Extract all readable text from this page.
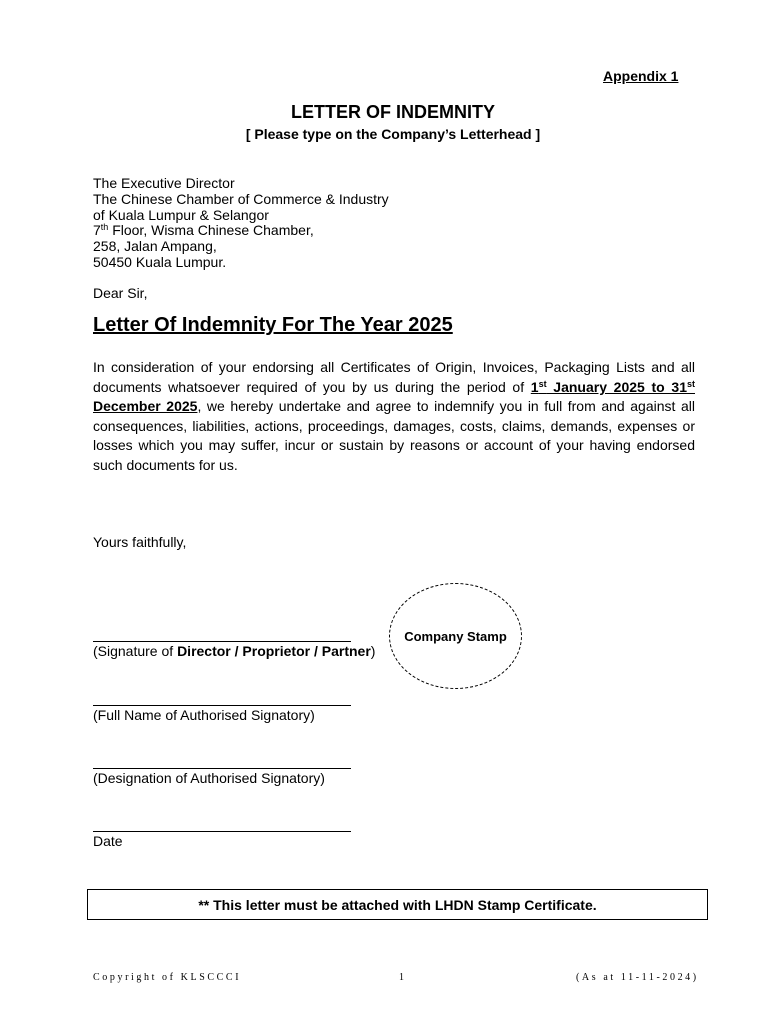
Appendix 1
LETTER OF INDEMNITY
[ Please type on the Company’s Letterhead ]
The Executive Director
The Chinese Chamber of Commerce & Industry
of Kuala Lumpur & Selangor
7th Floor, Wisma Chinese Chamber,
258, Jalan Ampang,
50450 Kuala Lumpur.
Dear Sir,
Letter Of Indemnity For The Year 2025
In consideration of your endorsing all Certificates of Origin, Invoices, Packaging Lists and all documents whatsoever required of you by us during the period of 1st January 2025 to 31st December 2025, we hereby undertake and agree to indemnify you in full from and against all consequences, liabilities, actions, proceedings, damages, costs, claims, demands, expenses or losses which you may suffer, incur or sustain by reasons or account of your having endorsed such documents for us.
Yours faithfully,
(Signature of Director / Proprietor / Partner)
Company Stamp
(Full Name of Authorised Signatory)
(Designation of Authorised Signatory)
Date
** This letter must be attached with LHDN Stamp Certificate.
Copyright of KLSCCCI	1	(As at 11-11-2024)
